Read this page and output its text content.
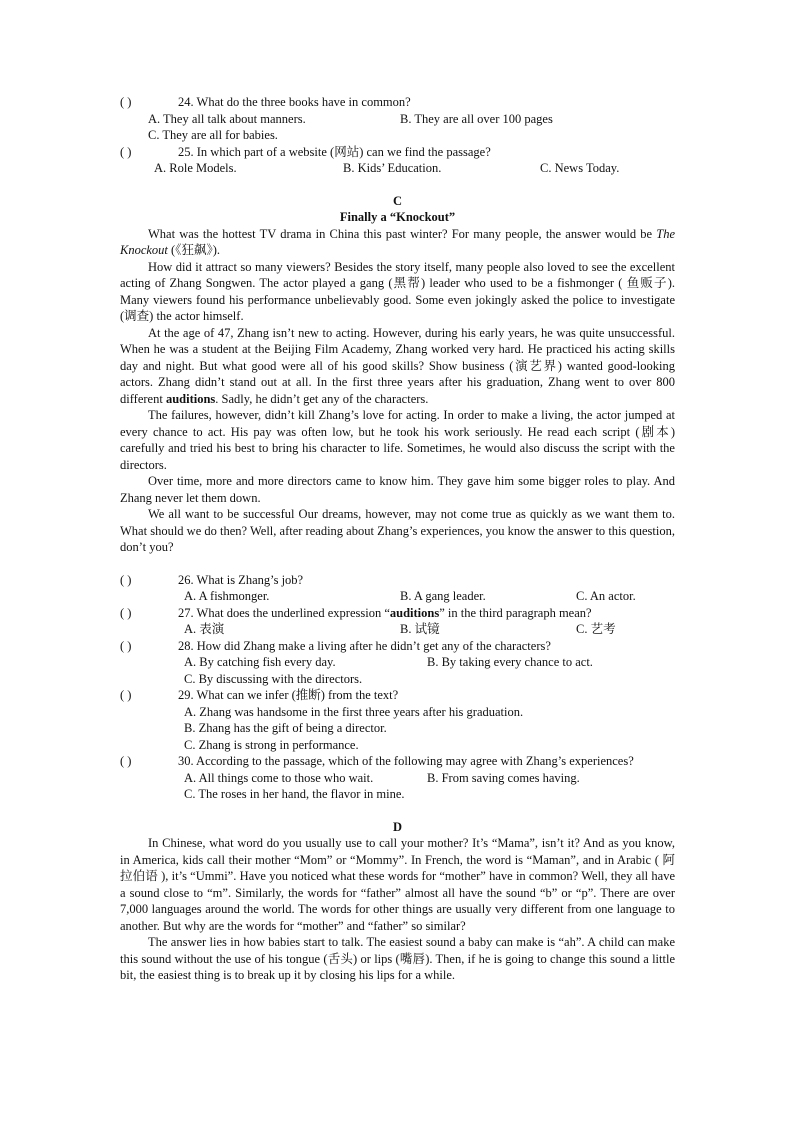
( )	24. What do the three books have in common?
A. They all talk about manners.	B. They are all over 100 pages
C. They are all for babies.
( )	25. In which part of a website (网站) can we find the passage?
A. Role Models.	B. Kids’ Education.	C. News Today.
C
Finally a “Knockout”

What was the hottest TV drama in China this past winter? For many people, the answer would be The Knockout (《狂飙》).

How did it attract so many viewers? Besides the story itself, many people also loved to see the excellent acting of Zhang Songwen. The actor played a gang (黑帮) leader who used to be a fishmonger ( 鱼贩子). Many viewers found his performance unbelievably good. Some even jokingly asked the police to investigate (调查) the actor himself.

At the age of 47, Zhang isn’t new to acting. However, during his early years, he was quite unsuccessful. When he was a student at the Beijing Film Academy, Zhang worked very hard. He practiced his acting skills day and night. But what good were all of his good skills? Show business (演艺界) wanted good-looking actors. Zhang didn’t stand out at all. In the first three years after his graduation, Zhang went to over 800 different auditions. Sadly, he didn’t get any of the characters.

The failures, however, didn’t kill Zhang’s love for acting. In order to make a living, the actor jumped at every chance to act. His pay was often low, but he took his work seriously. He read each script (剧本) carefully and tried his best to bring his character to life. Sometimes, he would also discuss the script with the directors.

Over time, more and more directors came to know him. They gave him some bigger roles to play. And Zhang never let them down.

We all want to be successful Our dreams, however, may not come true as quickly as we want them to. What should we do then? Well, after reading about Zhang’s experiences, you know the answer to this question, don’t you?

( )	26. What is Zhang’s job?
A. A fishmonger.	B. A gang leader.	C. An actor.
( )	27. What does the underlined expression “auditions” in the third paragraph mean?
A. 表演	B. 试镜	C. 艺考
( )	28. How did Zhang make a living after he didn’t get any of the characters?
A. By catching fish every day.	B. By taking every chance to act.
C. By discussing with the directors.
( )	29. What can we infer (推断) from the text?
A. Zhang was handsome in the first three years after his graduation.
B. Zhang has the gift of being a director.
C. Zhang is strong in performance.
( )	30. According to the passage, which of the following may agree with Zhang’s experiences?
A. All things come to those who wait.	B. From saving comes having.
C. The roses in her hand, the flavor in mine.
D

In Chinese, what word do you usually use to call your mother? It’s “Mama”, isn’t it? And as you know, in America, kids call their mother “Mom” or “Mommy”. In French, the word is “Maman”, and in Arabic ( 阿拉伯语 ), it’s “Ummi”. Have you noticed what these words for “mother” have in common? Well, they all have a sound close to “m”. Similarly, the words for “father” almost all have the sound “b” or “p”. There are over 7,000 languages around the world. The words for other things are usually very different from one language to another. But why are the words for “mother” and “father” so similar?

The answer lies in how babies start to talk. The easiest sound a baby can make is “ah”. A child can make this sound without the use of his tongue (舌头) or lips (嘴唇). Then, if he is going to change this sound a little bit, the easiest thing is to break up it by closing his lips for a while.
